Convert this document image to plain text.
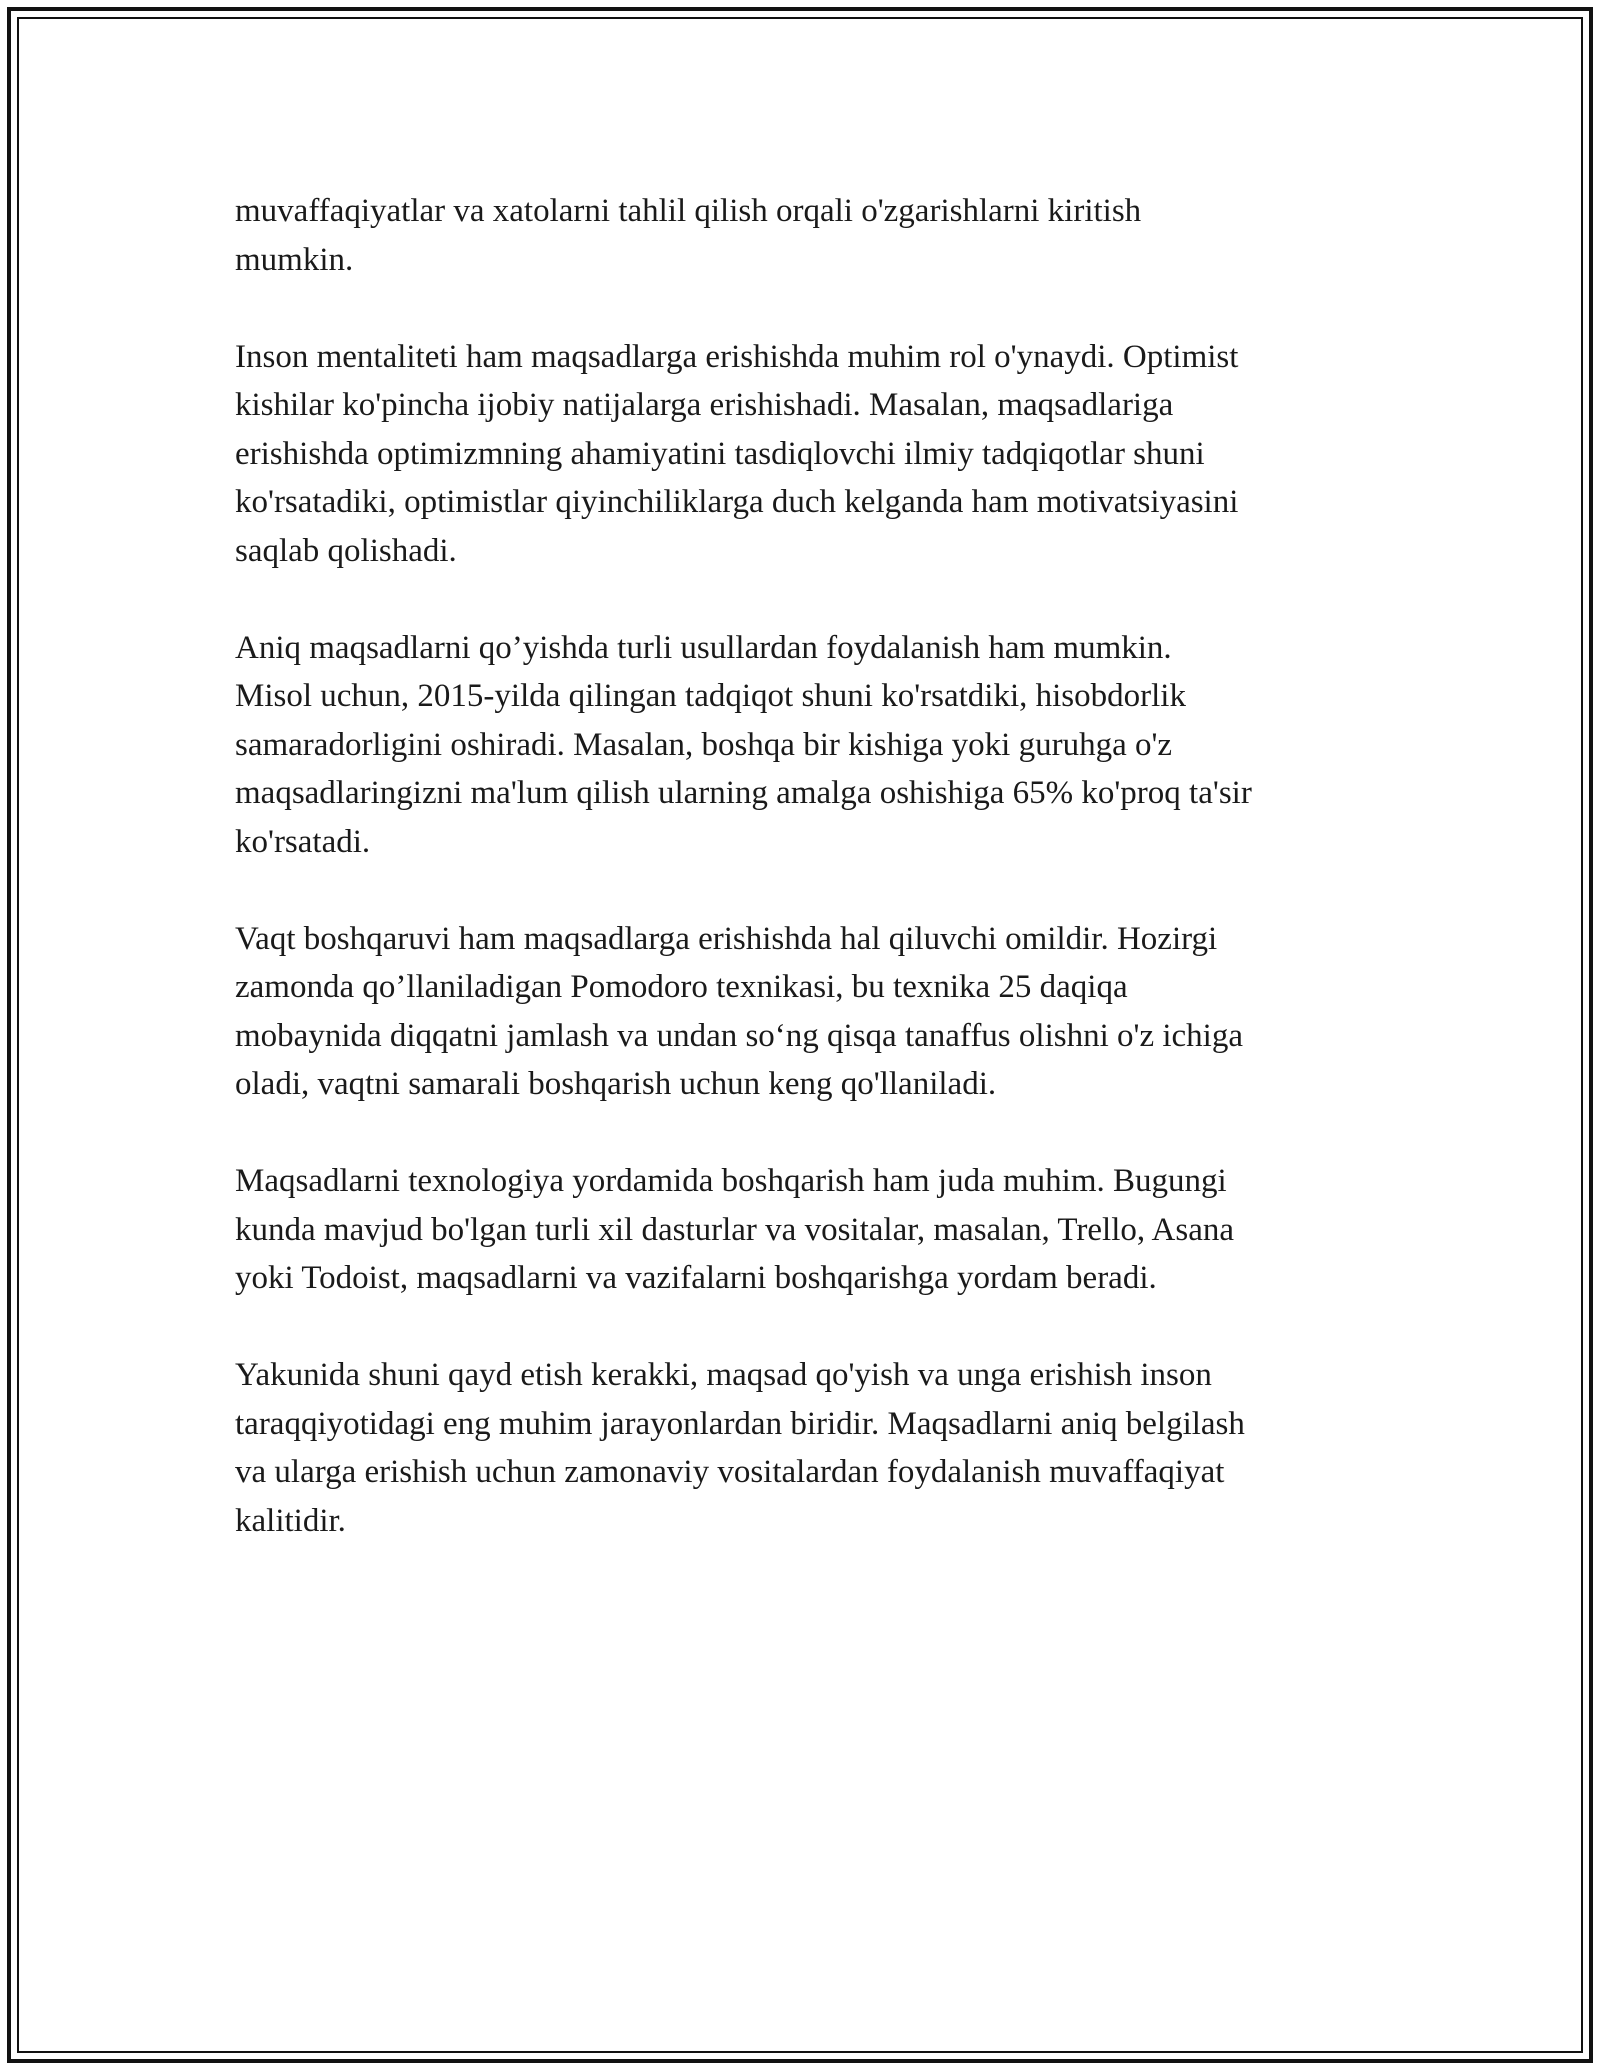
muvaffaqiyatlar va xatolarni tahlil qilish orqali o'zgarishlarni kiritish
mumkin.

Inson mentaliteti ham maqsadlarga erishishda muhim rol o'ynaydi. Optimist
kishilar ko'pincha ijobiy natijalarga erishishadi. Masalan, maqsadlariga
erishishda optimizmning ahamiyatini tasdiqlovchi ilmiy tadqiqotlar shuni
ko'rsatadiki, optimistlar qiyinchiliklarga duch kelganda ham motivatsiyasini
saqlab qolishadi.

Aniq maqsadlarni qo’yishda turli usullardan foydalanish ham mumkin.
Misol uchun, 2015-yilda qilingan tadqiqot shuni ko'rsatdiki, hisobdorlik
samaradorligini oshiradi. Masalan, boshqa bir kishiga yoki guruhga o'z
maqsadlaringizni ma'lum qilish ularning amalga oshishiga 65% ko'proq ta'sir
ko'rsatadi.

Vaqt boshqaruvi ham maqsadlarga erishishda hal qiluvchi omildir. Hozirgi
zamonda qo’llaniladigan Pomodoro texnikasi, bu texnika 25 daqiqa
mobaynida diqqatni jamlash va undan so‘ng qisqa tanaffus olishni o'z ichiga
oladi, vaqtni samarali boshqarish uchun keng qo'llaniladi.

Maqsadlarni texnologiya yordamida boshqarish ham juda muhim. Bugungi
kunda mavjud bo'lgan turli xil dasturlar va vositalar, masalan, Trello, Asana
yoki Todoist, maqsadlarni va vazifalarni boshqarishga yordam beradi.

Yakunida shuni qayd etish kerakki, maqsad qo'yish va unga erishish inson
taraqqiyotidagi eng muhim jarayonlardan biridir. Maqsadlarni aniq belgilash
va ularga erishish uchun zamonaviy vositalardan foydalanish muvaffaqiyat
kalitidir.
